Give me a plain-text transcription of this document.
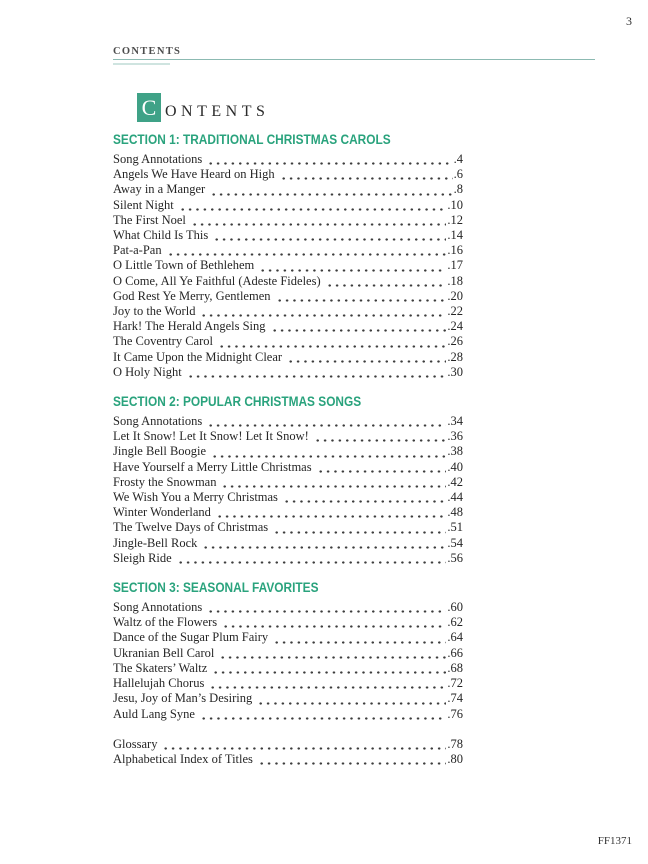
3
CONTENTS
C ONTENTS
SECTION 1: TRADITIONAL CHRISTMAS CAROLS
Song Annotations	.4
Angels We Have Heard on High	.6
Away in a Manger	.8
Silent Night	.10
The First Noel	.12
What Child Is This	.14
Pat-a-Pan	.16
O Little Town of Bethlehem	.17
O Come, All Ye Faithful (Adeste Fideles)	.18
God Rest Ye Merry, Gentlemen	.20
Joy to the World	.22
Hark! The Herald Angels Sing	.24
The Coventry Carol	.26
It Came Upon the Midnight Clear	.28
O Holy Night	.30
SECTION 2: POPULAR CHRISTMAS SONGS
Song Annotations	.34
Let It Snow! Let It Snow! Let It Snow!	.36
Jingle Bell Boogie	.38
Have Yourself a Merry Little Christmas	.40
Frosty the Snowman	.42
We Wish You a Merry Christmas	.44
Winter Wonderland	.48
The Twelve Days of Christmas	.51
Jingle-Bell Rock	.54
Sleigh Ride	.56
SECTION 3: SEASONAL FAVORITES
Song Annotations	.60
Waltz of the Flowers	.62
Dance of the Sugar Plum Fairy	.64
Ukranian Bell Carol	.66
The Skaters’ Waltz	.68
Hallelujah Chorus	.72
Jesu, Joy of Man’s Desiring	.74
Auld Lang Syne	.76
Glossary	.78
Alphabetical Index of Titles	.80
FF1371
